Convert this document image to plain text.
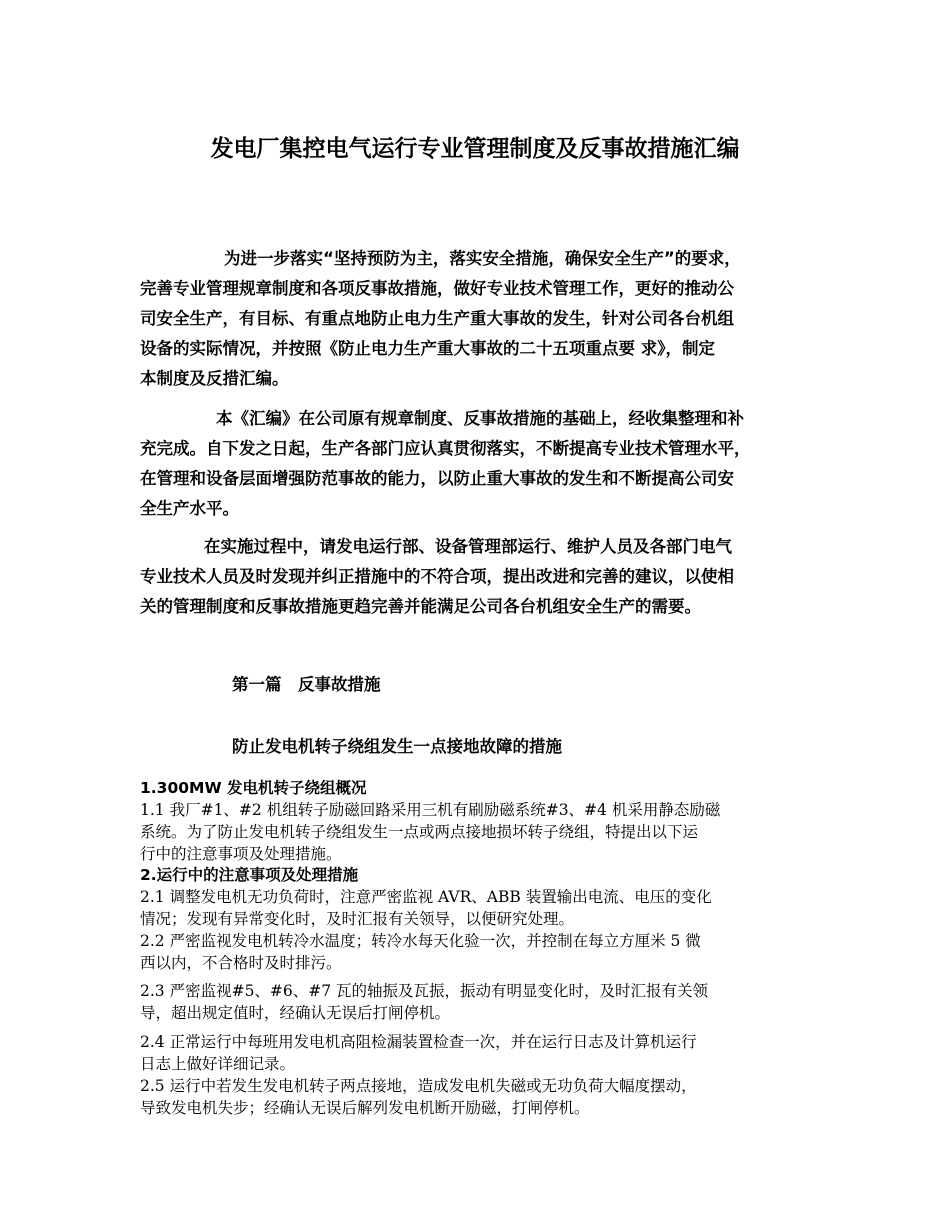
发电厂集控电气运行专业管理制度及反事故措施汇编
为进一步落实“坚持预防为主，落实安全措施，确保安全生产”的要求，
完善专业管理规章制度和各项反事故措施，做好专业技术管理工作，更好的推动公
司安全生产，有目标、有重点地防止电力生产重大事故的发生，针对公司各台机组
设备的实际情况，并按照《防止电力生产重大事故的二十五项重点要 求》，制定
本制度及反措汇编。
本《汇编》在公司原有规章制度、反事故措施的基础上，经收集整理和补
充完成。自下发之日起，生产各部门应认真贯彻落实，不断提高专业技术管理水平，
在管理和设备层面增强防范事故的能力，以防止重大事故的发生和不断提高公司安
全生产水平。
在实施过程中，请发电运行部、设备管理部运行、维护人员及各部门电气
专业技术人员及时发现并纠正措施中的不符合项，提出改进和完善的建议，以使相
关的管理制度和反事故措施更趋完善并能满足公司各台机组安全生产的需要。
第一篇　反事故措施
防止发电机转子绕组发生一点接地故障的措施
1.300MW 发电机转子绕组概况
1.1 我厂#1、#2 机组转子励磁回路采用三机有刷励磁系统#3、#4 机采用静态励磁
系统。为了防止发电机转子绕组发生一点或两点接地损坏转子绕组，特提出以下运
行中的注意事项及处理措施。
2.运行中的注意事项及处理措施
2.1 调整发电机无功负荷时，注意严密监视 AVR、ABB 装置输出电流、电压的变化
情况；发现有异常变化时，及时汇报有关领导，以便研究处理。
2.2 严密监视发电机转冷水温度；转冷水每天化验一次，并控制在每立方厘米 5 微
西以内，不合格时及时排污。
2.3 严密监视#5、#6、#7 瓦的轴振及瓦振，振动有明显变化时，及时汇报有关领
导，超出规定值时，经确认无误后打闸停机。
2.4 正常运行中每班用发电机高阻检漏装置检查一次，并在运行日志及计算机运行
日志上做好详细记录。
2.5 运行中若发生发电机转子两点接地，造成发电机失磁或无功负荷大幅度摆动，
导致发电机失步；经确认无误后解列发电机断开励磁，打闸停机。
